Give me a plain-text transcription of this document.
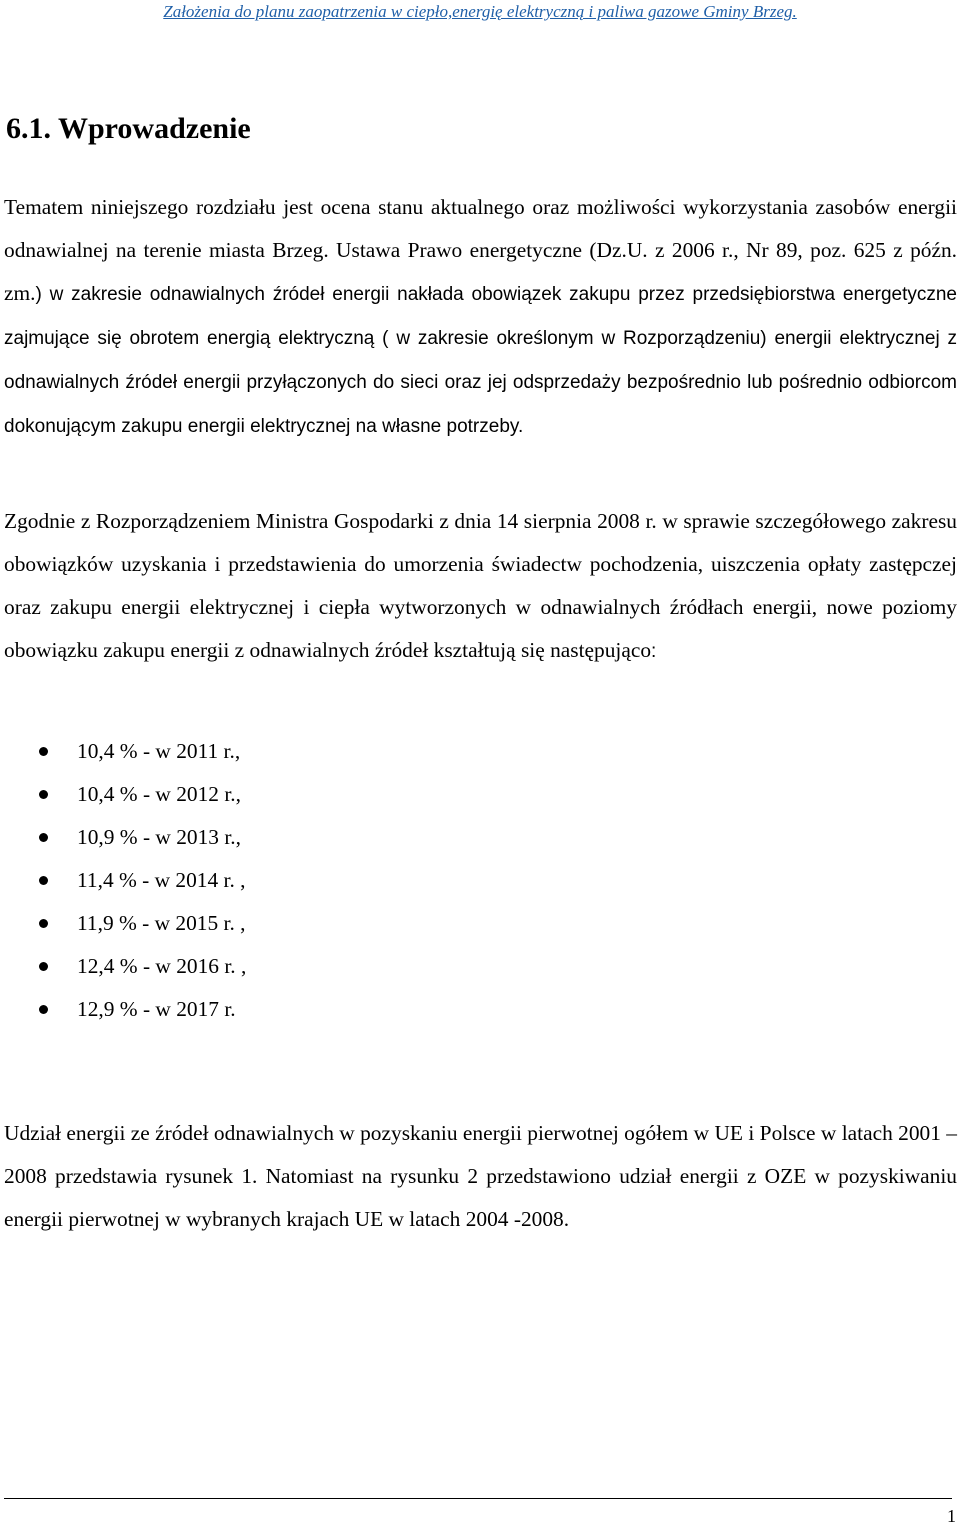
Założenia do planu zaopatrzenia w ciepło,energię elektryczną i paliwa gazowe Gminy Brzeg.
6.1. Wprowadzenie

Tematem niniejszego rozdziału jest ocena stanu aktualnego oraz możliwości wykorzystania zasobów energii odnawialnej na terenie miasta Brzeg. Ustawa Prawo energetyczne (Dz.U. z 2006 r., Nr 89, poz. 625 z późn. zm.) w zakresie odnawialnych źródeł energii nakłada obowiązek zakupu przez przedsiębiorstwa energetyczne zajmujące się obrotem energią elektryczną ( w zakresie określonym w Rozporządzeniu) energii elektrycznej z odnawialnych źródeł energii przyłączonych do sieci oraz jej odsprzedaży bezpośrednio lub pośrednio odbiorcom dokonującym zakupu energii elektrycznej na własne potrzeby.

Zgodnie z Rozporządzeniem Ministra Gospodarki z dnia 14 sierpnia 2008 r. w sprawie szczegółowego zakresu obowiązków uzyskania i przedstawienia do umorzenia świadectw pochodzenia, uiszczenia opłaty zastępczej oraz zakupu energii elektrycznej i ciepła wytworzonych w odnawialnych źródłach energii, nowe poziomy obowiązku zakupu energii z odnawialnych źródeł kształtują się następująco:

10,4 % - w 2011 r.,
10,4 % - w 2012 r.,
10,9 % - w 2013 r.,
11,4 % - w 2014 r. ,
11,9 % - w 2015 r. ,
12,4 % - w 2016 r. ,
12,9 % - w 2017 r.

Udział energii ze źródeł odnawialnych w pozyskaniu energii pierwotnej ogółem w UE i Polsce w latach 2001 – 2008 przedstawia rysunek 1. Natomiast na rysunku 2 przedstawiono udział energii z OZE w pozyskiwaniu energii pierwotnej w wybranych krajach UE w latach 2004 -2008.

1
